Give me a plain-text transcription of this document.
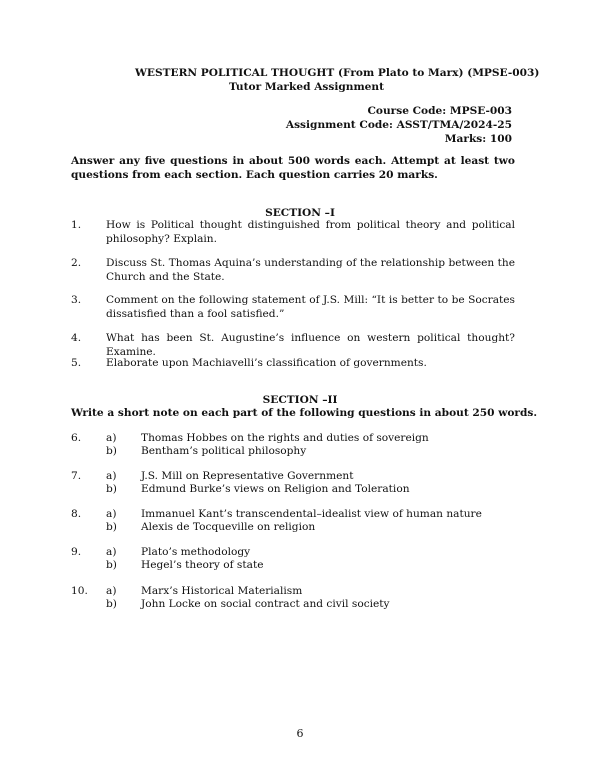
WESTERN POLITICAL THOUGHT (From Plato to Marx) (MPSE-003)
Tutor Marked Assignment
Course Code: MPSE-003
Assignment Code: ASST/TMA/2024-25
Marks: 100
Answer any five questions in about 500 words each. Attempt at least two questions from each section. Each question carries 20 marks.
SECTION –I
1. How is Political thought distinguished from political theory and political philosophy? Explain.
2. Discuss St. Thomas Aquina’s understanding of the relationship between the Church and the State.
3. Comment on the following statement of J.S. Mill: “It is better to be Socrates dissatisfied than a fool satisfied.”
4. What has been St. Augustine’s influence on western political thought? Examine.
5. Elaborate upon Machiavelli’s classification of governments.
SECTION –II
Write a short note on each part of the following questions in about 250 words.
6. a) Thomas Hobbes on the rights and duties of sovereign
b) Bentham’s political philosophy
7. a) J.S. Mill on Representative Government
b) Edmund Burke’s views on Religion and Toleration
8. a) Immanuel Kant’s transcendental–idealist view of human nature
b) Alexis de Tocqueville on religion
9. a) Plato’s methodology
b) Hegel’s theory of state
10. a) Marx’s Historical Materialism
b) John Locke on social contract and civil society
6
